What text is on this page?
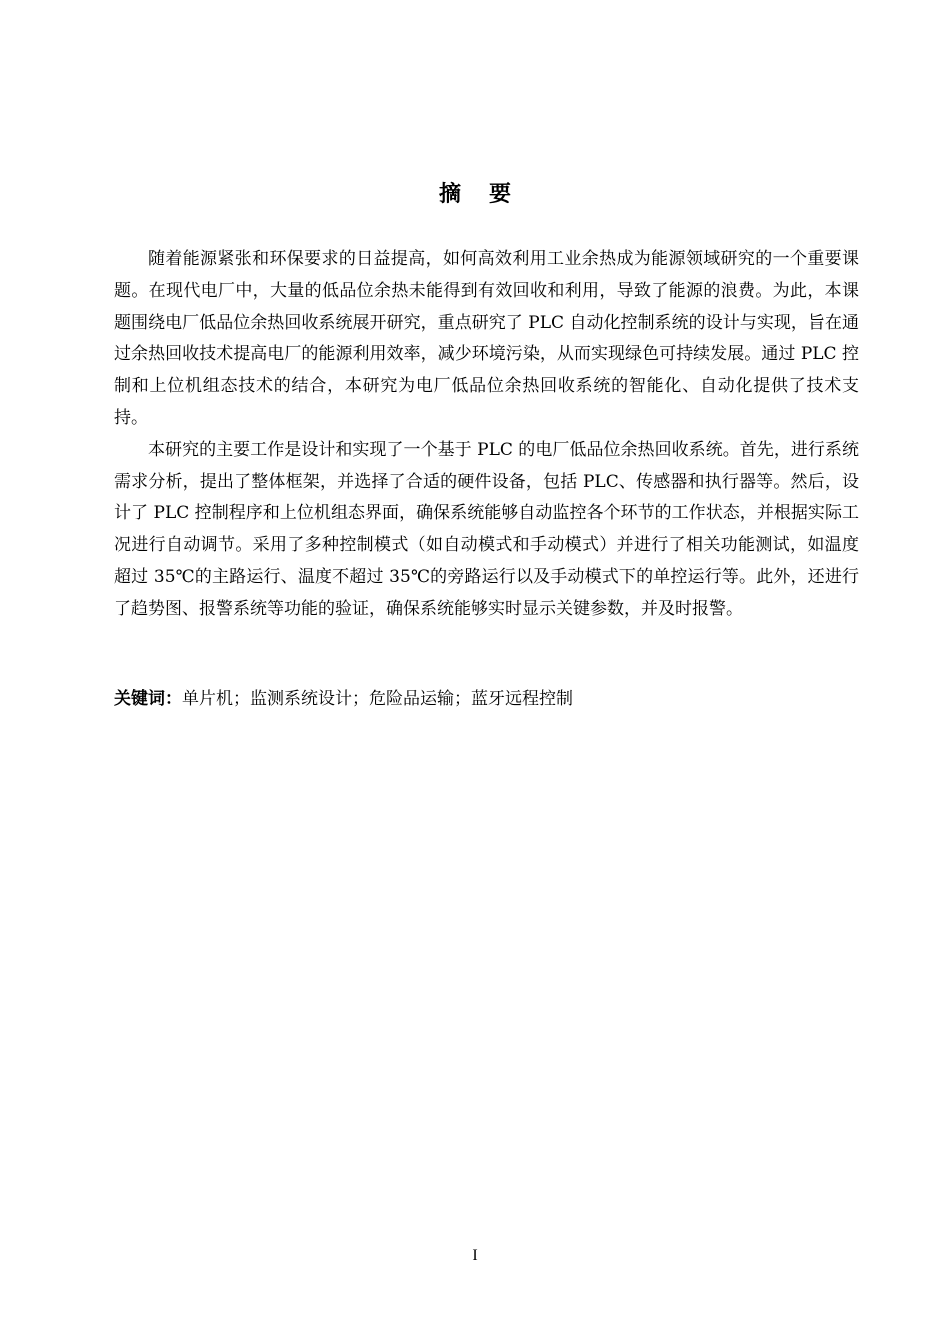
摘要

随着能源紧张和环保要求的日益提高，如何高效利用工业余热成为能源领域研究的一个重要课题。在现代电厂中，大量的低品位余热未能得到有效回收和利用，导致了能源的浪费。为此，本课题围绕电厂低品位余热回收系统展开研究，重点研究了 PLC 自动化控制系统的设计与实现，旨在通过余热回收技术提高电厂的能源利用效率，减少环境污染，从而实现绿色可持续发展。通过 PLC 控制和上位机组态技术的结合，本研究为电厂低品位余热回收系统的智能化、自动化提供了技术支持。

本研究的主要工作是设计和实现了一个基于 PLC 的电厂低品位余热回收系统。首先，进行系统需求分析，提出了整体框架，并选择了合适的硬件设备，包括 PLC、传感器和执行器等。然后，设计了 PLC 控制程序和上位机组态界面，确保系统能够自动监控各个环节的工作状态，并根据实际工况进行自动调节。采用了多种控制模式（如自动模式和手动模式）并进行了相关功能测试，如温度超过 35℃的主路运行、温度不超过 35℃的旁路运行以及手动模式下的单控运行等。此外，还进行了趋势图、报警系统等功能的验证，确保系统能够实时显示关键参数，并及时报警。

关键词：单片机；监测系统设计；危险品运输；蓝牙远程控制

I
